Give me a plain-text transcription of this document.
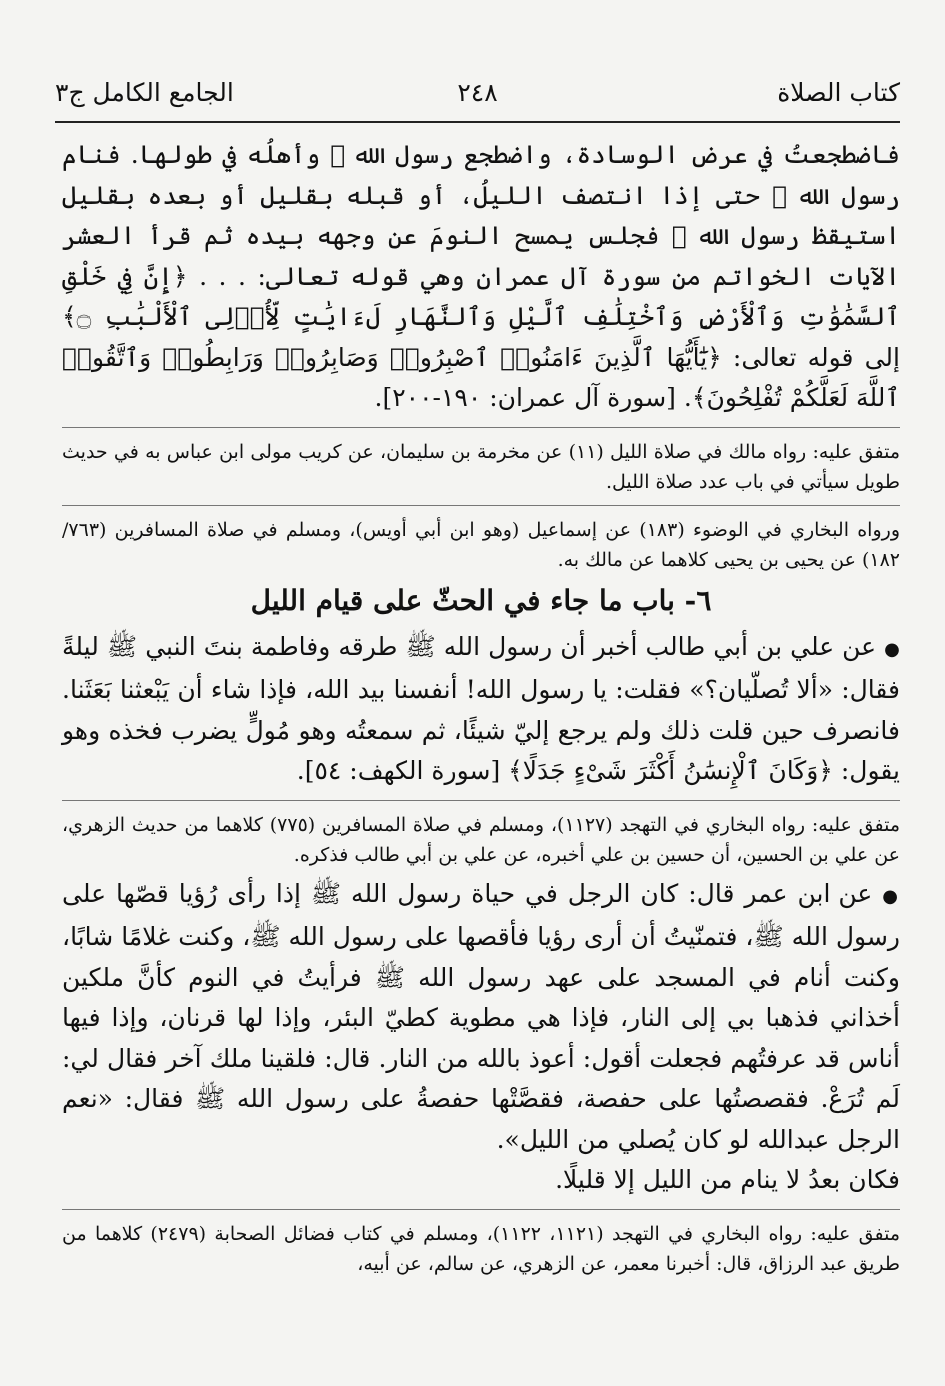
كتاب الصلاة
٢٤٨
الجامع الكامل ج٣

فاضطجعتُ في عرض الوسادة، واضطجع رسول الله ﷺ وأهلُه في طولها. فنام رسول الله ﷺ حتى إذا انتصف الليلُ، أو قبله بقليل أو بعده بقليل استيقظ رسول الله ﷺ فجلس يمسح النومَ عن وجهه بيده ثم قرأ العشر الآيات الخواتم من سورة آل عمران وهي قوله تعالى: . . . ﴿إِنَّ فِي خَلْقِ ٱلسَّمَٰوَٰتِ وَٱلْأَرْضِ وَٱخْتِلَٰفِ ٱلَّيْلِ وَٱلنَّهَارِ لَءَايَٰتٍ لِّأُو۟لِى ٱلْأَلْبَٰبِ ۝﴾ إلى قوله تعالى: ﴿يَٰٓأَيُّهَا ٱلَّذِينَ ءَامَنُوا۟ ٱصْبِرُوا۟ وَصَابِرُوا۟ وَرَابِطُوا۟ وَٱتَّقُوا۟ ٱللَّهَ لَعَلَّكُمْ تُفْلِحُونَ﴾. [سورة آل عمران: ١٩٠-٢٠٠].

متفق عليه: رواه مالك في صلاة الليل (١١) عن مخرمة بن سليمان، عن كريب مولى ابن عباس به في حديث طويل سيأتي في باب عدد صلاة الليل.

ورواه البخاري في الوضوء (١٨٣) عن إسماعيل (وهو ابن أبي أويس)، ومسلم في صلاة المسافرين (٧٦٣/ ١٨٢) عن يحيى بن يحيى كلاهما عن مالك به.

٦- باب ما جاء في الحثّ على قيام الليل

● عن علي بن أبي طالب أخبر أن رسول الله ﷺ طرقه وفاطمة بنتَ النبي ﷺ ليلةً فقال: «ألا تُصلّيان؟» فقلت: يا رسول الله! أنفسنا بيد الله، فإذا شاء أن يَبْعثنا بَعَثَنا. فانصرف حين قلت ذلك ولم يرجع إليّ شيئًا، ثم سمعتُه وهو مُولٍّ يضرب فخذه وهو يقول: ﴿وَكَانَ ٱلْإِنسَٰنُ أَكْثَرَ شَىْءٍ جَدَلًا﴾ [سورة الكهف: ٥٤].

متفق عليه: رواه البخاري في التهجد (١١٢٧)، ومسلم في صلاة المسافرين (٧٧٥) كلاهما من حديث الزهري، عن علي بن الحسين، أن حسين بن علي أخبره، عن علي بن أبي طالب فذكره.

● عن ابن عمر قال: كان الرجل في حياة رسول الله ﷺ إذا رأى رُؤيا قصّها على رسول الله ﷺ، فتمنّيتُ أن أرى رؤيا فأقصها على رسول الله ﷺ، وكنت غلامًا شابًا، وكنت أنام في المسجد على عهد رسول الله ﷺ فرأيتُ في النوم كأنَّ ملكين أخذاني فذهبا بي إلى النار، فإذا هي مطوية كطيّ البئر، وإذا لها قرنان، وإذا فيها أناس قد عرفتُهم فجعلت أقول: أعوذ بالله من النار. قال: فلقينا ملك آخر فقال لي: لَم تُرَعْ. فقصصتُها على حفصة، فقصَّتْها حفصةُ على رسول الله ﷺ فقال: «نعم الرجل عبدالله لو كان يُصلي من الليل».

فكان بعدُ لا ينام من الليل إلا قليلًا.

متفق عليه: رواه البخاري في التهجد (١١٢١، ١١٢٢)، ومسلم في كتاب فضائل الصحابة (٢٤٧٩) كلاهما من طريق عبد الرزاق، قال: أخبرنا معمر، عن الزهري، عن سالم، عن أبيه،
